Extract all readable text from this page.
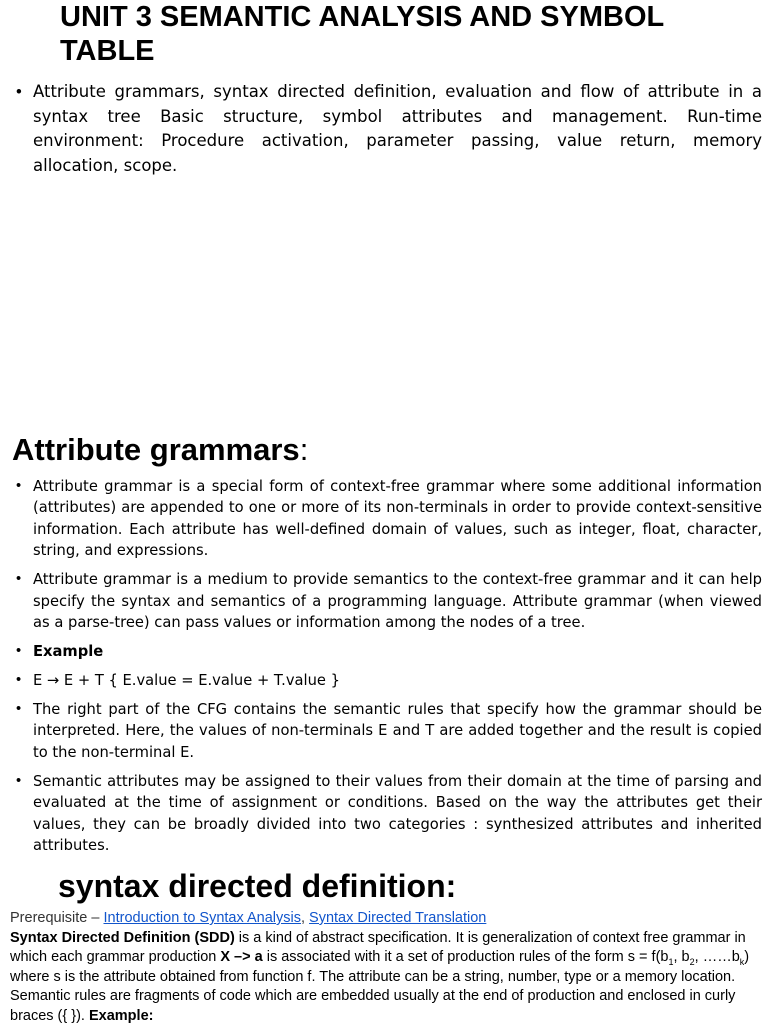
UNIT 3 SEMANTIC ANALYSIS AND SYMBOL TABLE
• Attribute grammars, syntax directed definition, evaluation and flow of attribute in a syntax tree Basic structure, symbol attributes and management. Run-time environment: Procedure activation, parameter passing, value return, memory allocation, scope.
Attribute grammars:
• Attribute grammar is a special form of context-free grammar where some additional information (attributes) are appended to one or more of its non-terminals in order to provide context-sensitive information. Each attribute has well-defined domain of values, such as integer, float, character, string, and expressions.
• Attribute grammar is a medium to provide semantics to the context-free grammar and it can help specify the syntax and semantics of a programming language. Attribute grammar (when viewed as a parse-tree) can pass values or information among the nodes of a tree.
• Example
• E → E + T { E.value = E.value + T.value }
• The right part of the CFG contains the semantic rules that specify how the grammar should be interpreted. Here, the values of non-terminals E and T are added together and the result is copied to the non-terminal E.
• Semantic attributes may be assigned to their values from their domain at the time of parsing and evaluated at the time of assignment or conditions. Based on the way the attributes get their values, they can be broadly divided into two categories : synthesized attributes and inherited attributes.
syntax directed definition:

Prerequisite – Introduction to Syntax Analysis, Syntax Directed Translation

Syntax Directed Definition (SDD) is a kind of abstract specification. It is generalization of context free grammar in which each grammar production X –> a is associated with it a set of production rules of the form $s = f(b_1$, $b_2$, $\dots\dots b_k$) where s is the attribute obtained from function f. The attribute can be a string, number, type or a memory location. Semantic rules are fragments of code which are embedded usually at the end of production and enclosed in curly braces ({ }). Example:
